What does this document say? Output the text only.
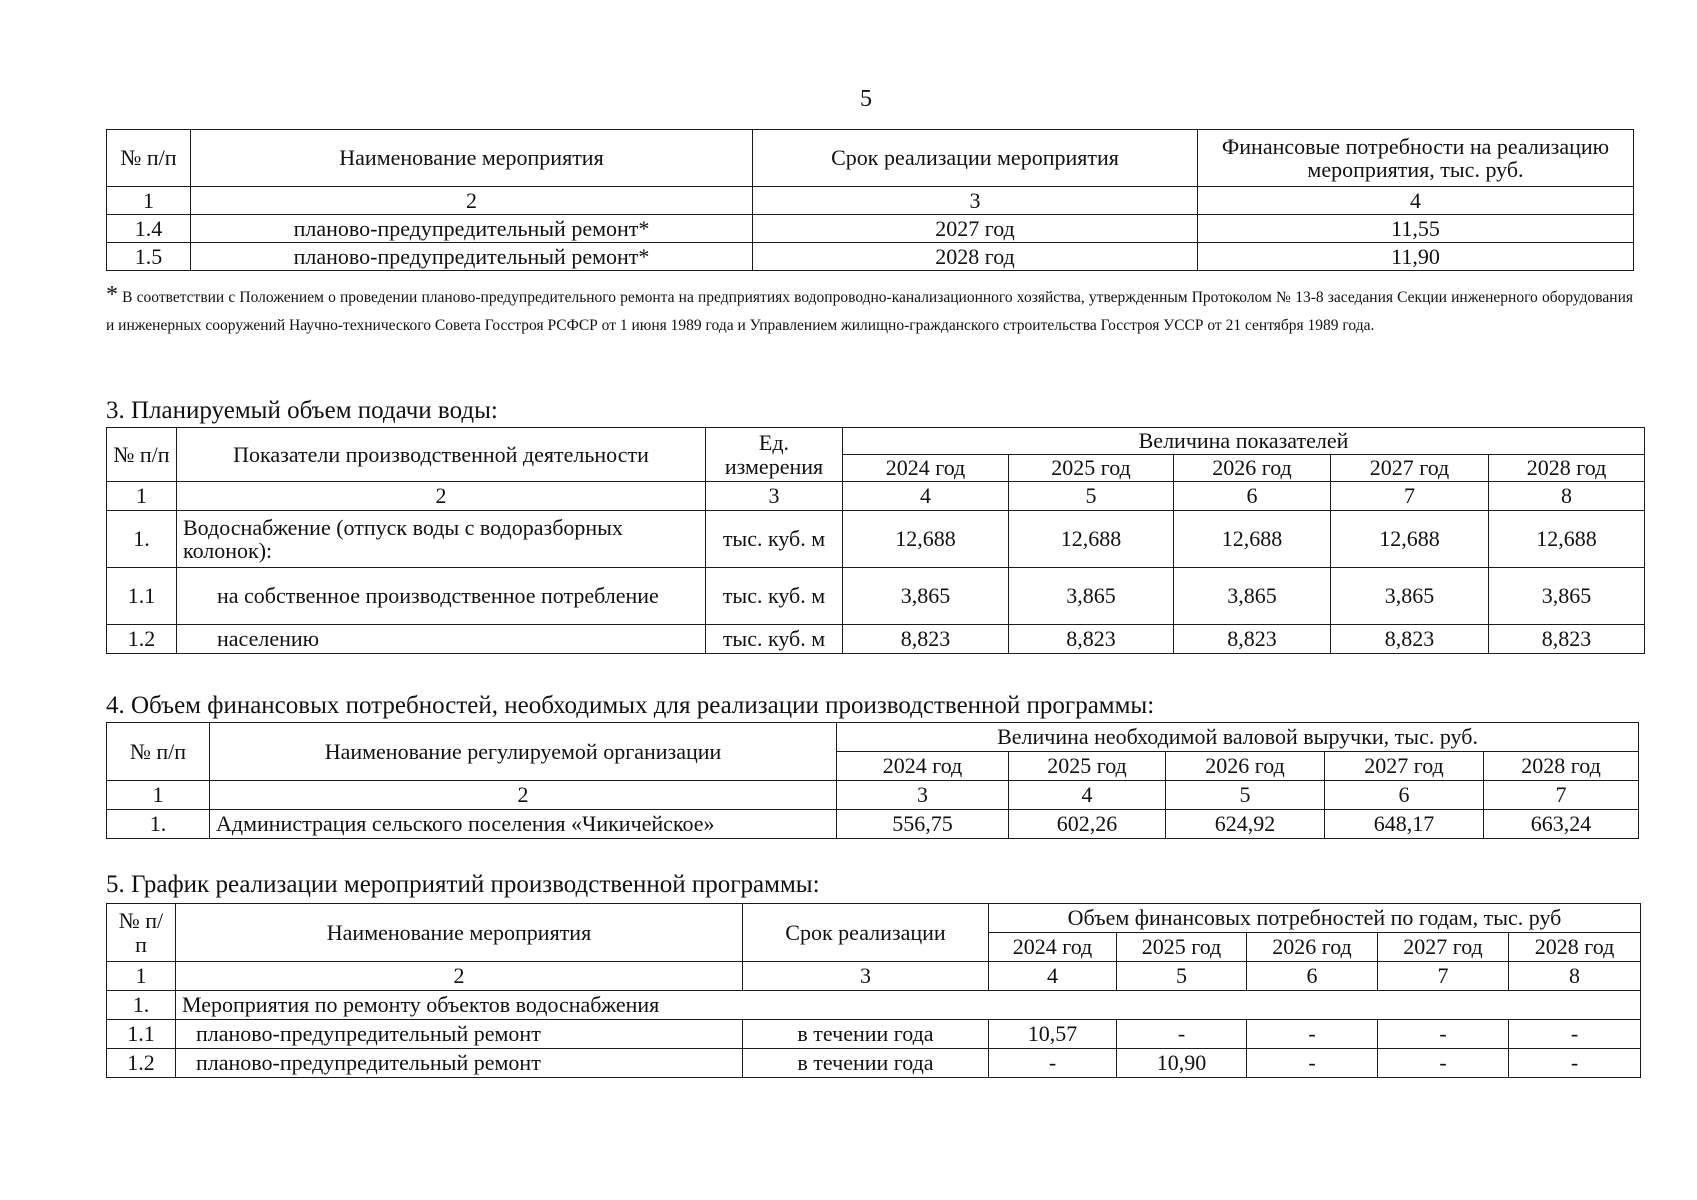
5
№ п/п	Наименование мероприятия	Срок реализации мероприятия	Финансовые потребности на реализацию мероприятия, тыс. руб.
1	2	3	4
1.4	планово-предупредительный ремонт*	2027 год	11,55
1.5	планово-предупредительный ремонт*	2028 год	11,90
* В соответствии с Положением о проведении планово-предупредительного ремонта на предприятиях водопроводно-канализационного хозяйства, утвержденным Протоколом № 13-8 заседания Секции инженерного оборудования и инженерных сооружений Научно-технического Совета Госстроя РСФСР от 1 июня 1989 года и Управлением жилищно-гражданского строительства Госстроя УССР от 21 сентября 1989 года.
3. Планируемый объем подачи воды:
№ п/п	Показатели производственной деятельности	Ед. измерения	Величина показателей				
			2024 год	2025 год	2026 год	2027 год	2028 год
1	2	3	4	5	6	7	8
1.	Водоснабжение (отпуск воды с водоразборных колонок):	тыс. куб. м	12,688	12,688	12,688	12,688	12,688
1.1	на собственное производственное потребление	тыс. куб. м	3,865	3,865	3,865	3,865	3,865
1.2	населению	тыс. куб. м	8,823	8,823	8,823	8,823	8,823
4. Объем финансовых потребностей, необходимых для реализации производственной программы:
№ п/п	Наименование регулируемой организации	Величина необходимой валовой выручки, тыс. руб.				
		2024 год	2025 год	2026 год	2027 год	2028 год
1	2	3	4	5	6	7
1.	Администрация сельского поселения «Чикичейское»	556,75	602,26	624,92	648,17	663,24
5. График реализации мероприятий производственной программы:
№ п/п	Наименование мероприятия	Срок реализации	Объем финансовых потребностей по годам, тыс. руб				
			2024 год	2025 год	2026 год	2027 год	2028 год
1	2	3	4	5	6	7	8
1.	Мероприятия по ремонту объектов водоснабжения						
1.1	планово-предупредительный ремонт	в течении года	10,57	-	-	-	-
1.2	планово-предупредительный ремонт	в течении года	-	10,90	-	-	-
